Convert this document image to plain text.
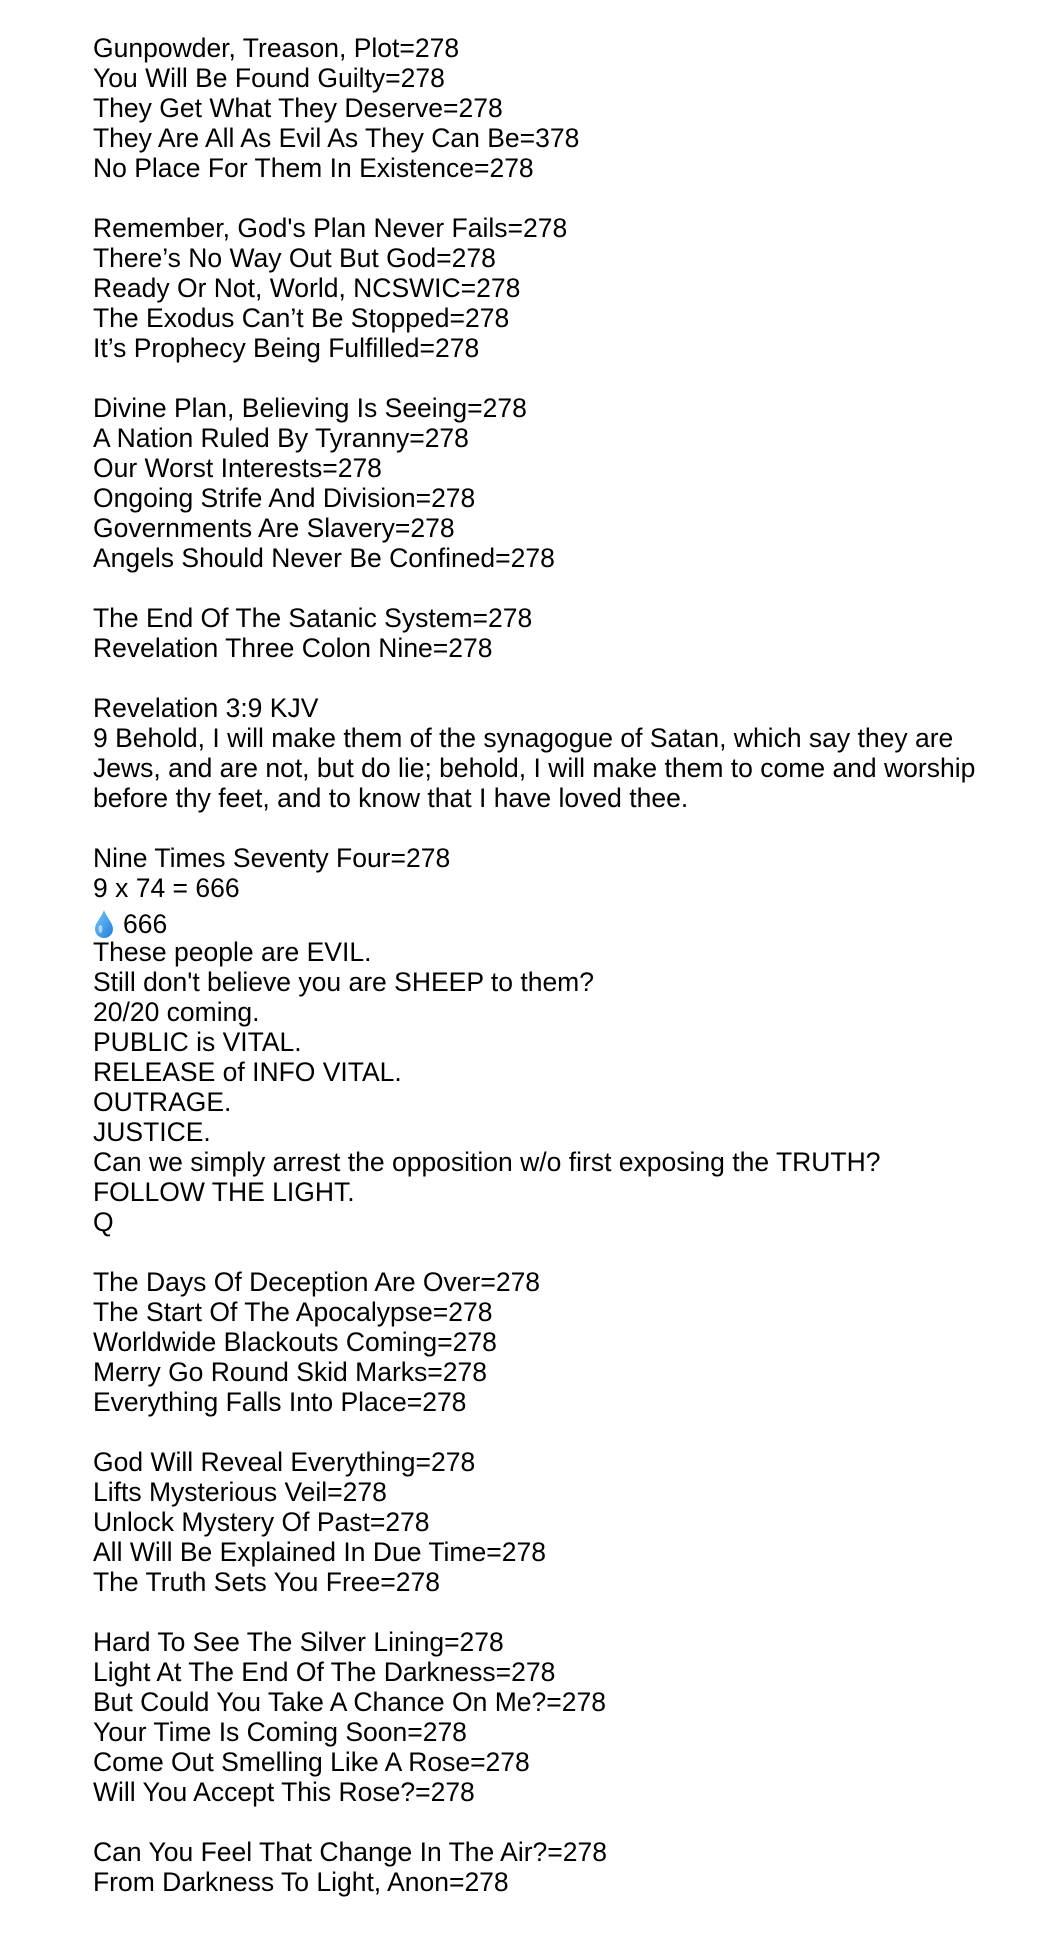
Gunpowder, Treason, Plot=278
You Will Be Found Guilty=278
They Get What They Deserve=278
They Are All As Evil As They Can Be=378
No Place For Them In Existence=278
Remember, God's Plan Never Fails=278
There’s No Way Out But God=278
Ready Or Not, World, NCSWIC=278
The Exodus Can’t Be Stopped=278
It’s Prophecy Being Fulfilled=278
Divine Plan, Believing Is Seeing=278
A Nation Ruled By Tyranny=278
Our Worst Interests=278
Ongoing Strife And Division=278
Governments Are Slavery=278
Angels Should Never Be Confined=278
The End Of The Satanic System=278
Revelation Three Colon Nine=278
Revelation 3:9 KJV
9 Behold, I will make them of the synagogue of Satan, which say they are Jews, and are not, but do lie; behold, I will make them to come and worship before thy feet, and to know that I have loved thee.
Nine Times Seventy Four=278
9 x 74 = 666
666
These people are EVIL.
Still don't believe you are SHEEP to them?
20/20 coming.
PUBLIC is VITAL.
RELEASE of INFO VITAL.
OUTRAGE.
JUSTICE.
Can we simply arrest the opposition w/o first exposing the TRUTH?
FOLLOW THE LIGHT.
Q
The Days Of Deception Are Over=278
The Start Of The Apocalypse=278
Worldwide Blackouts Coming=278
Merry Go Round Skid Marks=278
Everything Falls Into Place=278
God Will Reveal Everything=278
Lifts Mysterious Veil=278
Unlock Mystery Of Past=278
All Will Be Explained In Due Time=278
The Truth Sets You Free=278
Hard To See The Silver Lining=278
Light At The End Of The Darkness=278
But Could You Take A Chance On Me?=278
Your Time Is Coming Soon=278
Come Out Smelling Like A Rose=278
Will You Accept This Rose?=278
Can You Feel That Change In The Air?=278
From Darkness To Light, Anon=278
